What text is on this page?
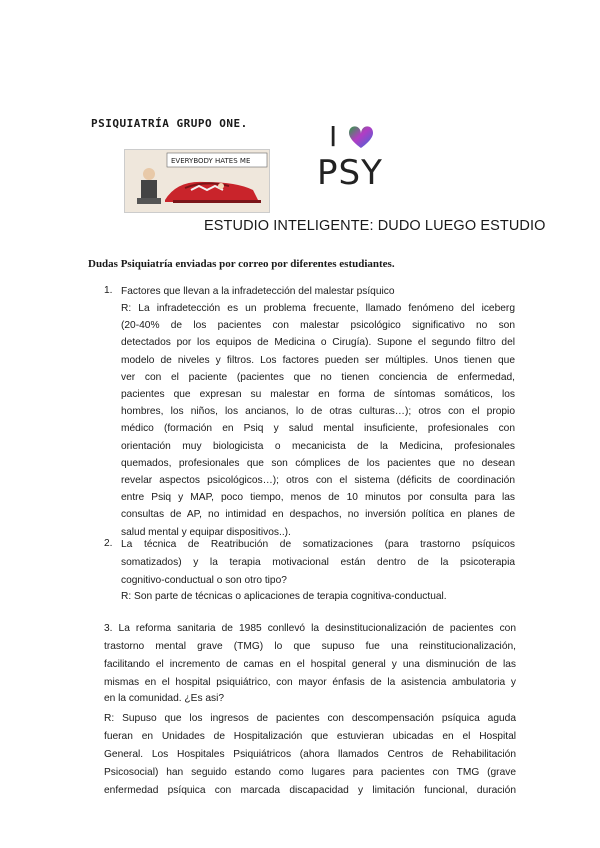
PSIQUIATRÍA GRUPO ONE.
EVERYBODY HATES ME
I
PSY
ESTUDIO INTELIGENTE: DUDO LUEGO ESTUDIO
Dudas Psiquiatría enviadas por correo por diferentes estudiantes.
1. Factores que llevan a la infradetección del malestar psíquico
R: La infradetección es un problema frecuente, llamado fenómeno del iceberg
(20-40% de los pacientes con malestar psicológico significativo no son
detectados por los equipos de Medicina o Cirugía). Supone el segundo filtro del
modelo de niveles y filtros. Los factores pueden ser múltiples. Unos tienen que
ver con el paciente (pacientes que no tienen conciencia de enfermedad,
pacientes que expresan su malestar en forma de síntomas somáticos, los
hombres, los niños, los ancianos, lo de otras culturas…); otros con el propio
médico (formación en Psiq y salud mental insuficiente, profesionales con
orientación muy biologicista o mecanicista de la Medicina, profesionales
quemados, profesionales que son cómplices de los pacientes que no desean
revelar aspectos psicológicos…); otros con el sistema (déficits de coordinación
entre Psiq y MAP, poco tiempo, menos de 10 minutos por consulta para las
consultas de AP, no intimidad en despachos, no inversión política en planes de
salud mental y equipar dispositivos..).
2. La técnica de Reatribución de somatizaciones (para trastorno psíquicos
somatizados) y la terapia motivacional están dentro de la psicoterapia
cognitivo-conductual o son otro tipo?
R: Son parte de técnicas o aplicaciones de terapia cognitiva-conductual.
3. La reforma sanitaria de 1985 conllevó la desinstitucionalización de pacientes con
trastorno mental grave (TMG) lo que supuso fue una reinstitucionalización,
facilitando el incremento de camas en el hospital general y una disminución de las
mismas en el hospital psiquiátrico, con mayor énfasis de la asistencia ambulatoria y
en la comunidad. ¿Es asi?
R: Supuso que los ingresos de pacientes con descompensación psíquica aguda
fueran en Unidades de Hospitalización que estuvieran ubicadas en el Hospital
General. Los Hospitales Psiquiátricos (ahora llamados Centros de Rehabilitación
Psicosocial) han seguido estando como lugares para pacientes con TMG (grave
enfermedad psíquica con marcada discapacidad y limitación funcional, duración
